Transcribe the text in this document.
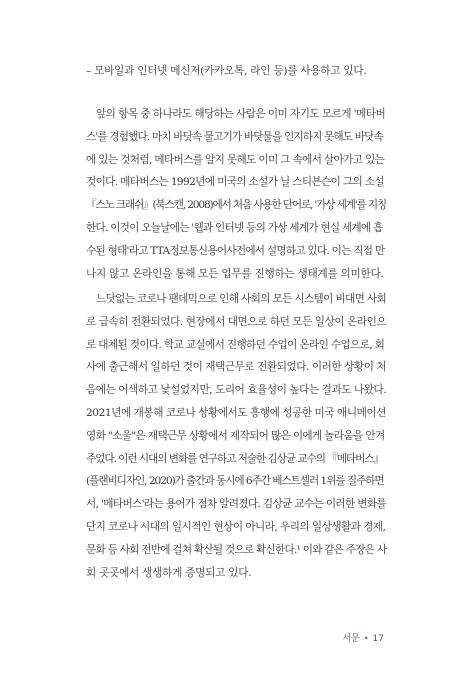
– 모바일과 인터넷 메신저(카카오톡, 라인 등)를 사용하고 있다.
앞의 항목 중 하나라도 해당하는 사람은 이미 자기도 모르게 '메타버
스'를 경험했다. 마치 바닷속 물고기가 바닷물을 인지하지 못해도 바닷속
에 있는 것처럼, 메타버스를 알지 못해도 이미 그 속에서 살아가고 있는
것이다. 메타버스는 1992년에 미국의 소설가 닐 스티븐슨이 그의 소설
『스노 크래쉬』(북스캔, 2008)에서 처음 사용한 단어로, '가상 세계'를 지칭
한다. 이것이 오늘날에는 '웹과 인터넷 등의 가상 세계가 현실 세계에 흡
수된 형태'라고 TTA정보통신용어사전에서 설명하고 있다. 이는 직접 만
나지 않고 온라인을 통해 모든 업무를 진행하는 생태계를 의미한다.
느닷없는 코로나 팬데믹으로 인해 사회의 모든 시스템이 비대면 사회
로 급속히 전환되었다. 현장에서 대면으로 하던 모든 일상이 온라인으
로 대체된 것이다. 학교 교실에서 진행하던 수업이 온라인 수업으로, 회
사에 출근해서 일하던 것이 재택근무로 전환되었다. 이러한 상황이 처
음에는 어색하고 낯설었지만, 도리어 효율성이 높다는 결과도 나왔다.
2021년에 개봉해 코로나 상황에서도 흥행에 성공한 미국 애니메이션
영화 "소울"은 재택근무 상황에서 제작되어 많은 이에게 놀라움을 안겨
주었다. 이런 시대의 변화를 연구하고 저술한 김상균 교수의 『메타버스』
(플랜비디자인, 2020)가 출간과 동시에 6주간 베스트셀러 1위를 질주하면
서, '메타버스'라는 용어가 점차 알려졌다. 김상균 교수는 이러한 변화를
단지 코로나 시대의 일시적인 현상이 아니라, 우리의 일상생활과 경제,
문화 등 사회 전반에 걸쳐 확산될 것으로 확신한다.¹ 이와 같은 주장은 사
회 곳곳에서 생생하게 증명되고 있다.
서문 • 17
